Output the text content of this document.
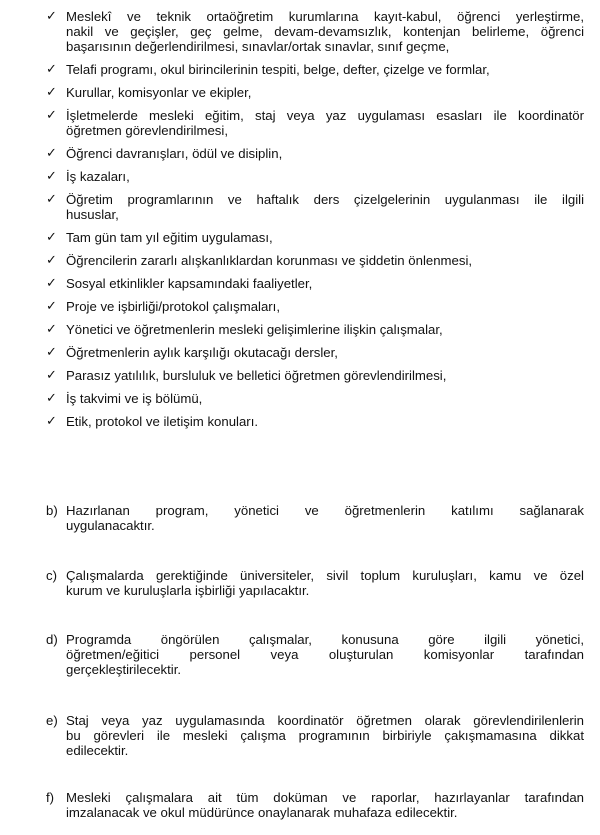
✓ Meslekî ve teknik ortaöğretim kurumlarına kayıt-kabul, öğrenci yerleştirme,
nakil ve geçişler, geç gelme, devam-devamsızlık, kontenjan belirleme, öğrenci
başarısının değerlendirilmesi, sınavlar/ortak sınavlar, sınıf geçme,
✓ Telafi programı, okul birincilerinin tespiti, belge, defter, çizelge ve formlar,
✓ Kurullar, komisyonlar ve ekipler,
✓ İşletmelerde mesleki eğitim, staj veya yaz uygulaması esasları ile koordinatör
öğretmen görevlendirilmesi,
✓ Öğrenci davranışları, ödül ve disiplin,
✓ İş kazaları,
✓ Öğretim programlarının ve haftalık ders çizelgelerinin uygulanması ile ilgili
hususlar,
✓ Tam gün tam yıl eğitim uygulaması,
✓ Öğrencilerin zararlı alışkanlıklardan korunması ve şiddetin önlenmesi,
✓ Sosyal etkinlikler kapsamındaki faaliyetler,
✓ Proje ve işbirliği/protokol çalışmaları,
✓ Yönetici ve öğretmenlerin mesleki gelişimlerine ilişkin çalışmalar,
✓ Öğretmenlerin aylık karşılığı okutacağı dersler,
✓ Parasız yatılılık, bursluluk ve belletici öğretmen görevlendirilmesi,
✓ İş takvimi ve iş bölümü,
✓ Etik, protokol ve iletişim konuları.
b) Hazırlanan program, yönetici ve öğretmenlerin katılımı sağlanarak
uygulanacaktır.
c) Çalışmalarda gerektiğinde üniversiteler, sivil toplum kuruluşları, kamu ve özel
kurum ve kuruluşlarla işbirliği yapılacaktır.
d) Programda öngörülen çalışmalar, konusuna göre ilgili yönetici,
öğretmen/eğitici personel veya oluşturulan komisyonlar tarafından
gerçekleştirilecektir.
e) Staj veya yaz uygulamasında koordinatör öğretmen olarak görevlendirilenlerin
bu görevleri ile mesleki çalışma programının birbiriyle çakışmamasına dikkat
edilecektir.
f) Mesleki çalışmalara ait tüm doküman ve raporlar, hazırlayanlar tarafından
imzalanacak ve okul müdürünce onaylanarak muhafaza edilecektir.
